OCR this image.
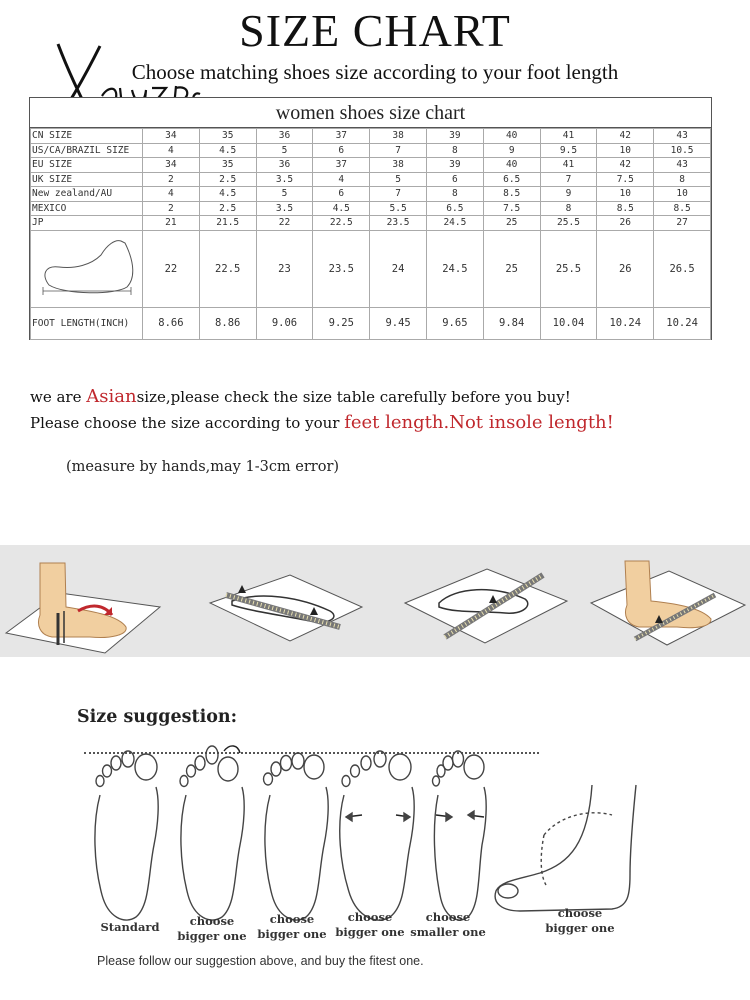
SIZE CHART
Choose matching shoes size according to your foot length
women shoes size chart
CN SIZE	34	35	36	37	38	39	40	41	42	43
US/CA/BRAZIL SIZE	4	4.5	5	6	7	8	9	9.5	10	10.5
EU SIZE	34	35	36	37	38	39	40	41	42	43
UK SIZE	2	2.5	3.5	4	5	6	6.5	7	7.5	8
New zealand/AU	4	4.5	5	6	7	8	8.5	9	10	10
MEXICO	2	2.5	3.5	4.5	5.5	6.5	7.5	8	8.5	8.5
JP	21	21.5	22	22.5	23.5	24.5	25	25.5	26	27

	22	22.5	23	23.5	24	24.5	25	25.5	26	26.5
FOOT LENGTH(INCH)	8.66	8.86	9.06	9.25	9.45	9.65	9.84	10.04	10.24	10.24
we are Asiansize,please check the size table carefully before you buy!
Please choose the size according to your feet length.Not insole length!
(measure by hands,may 1-3cm error)
Size suggestion:
Standard	choose
bigger one
choose
bigger one
choose
bigger one
choose
smaller one
choose
bigger one
Please follow our suggestion above, and buy the fitest one.
